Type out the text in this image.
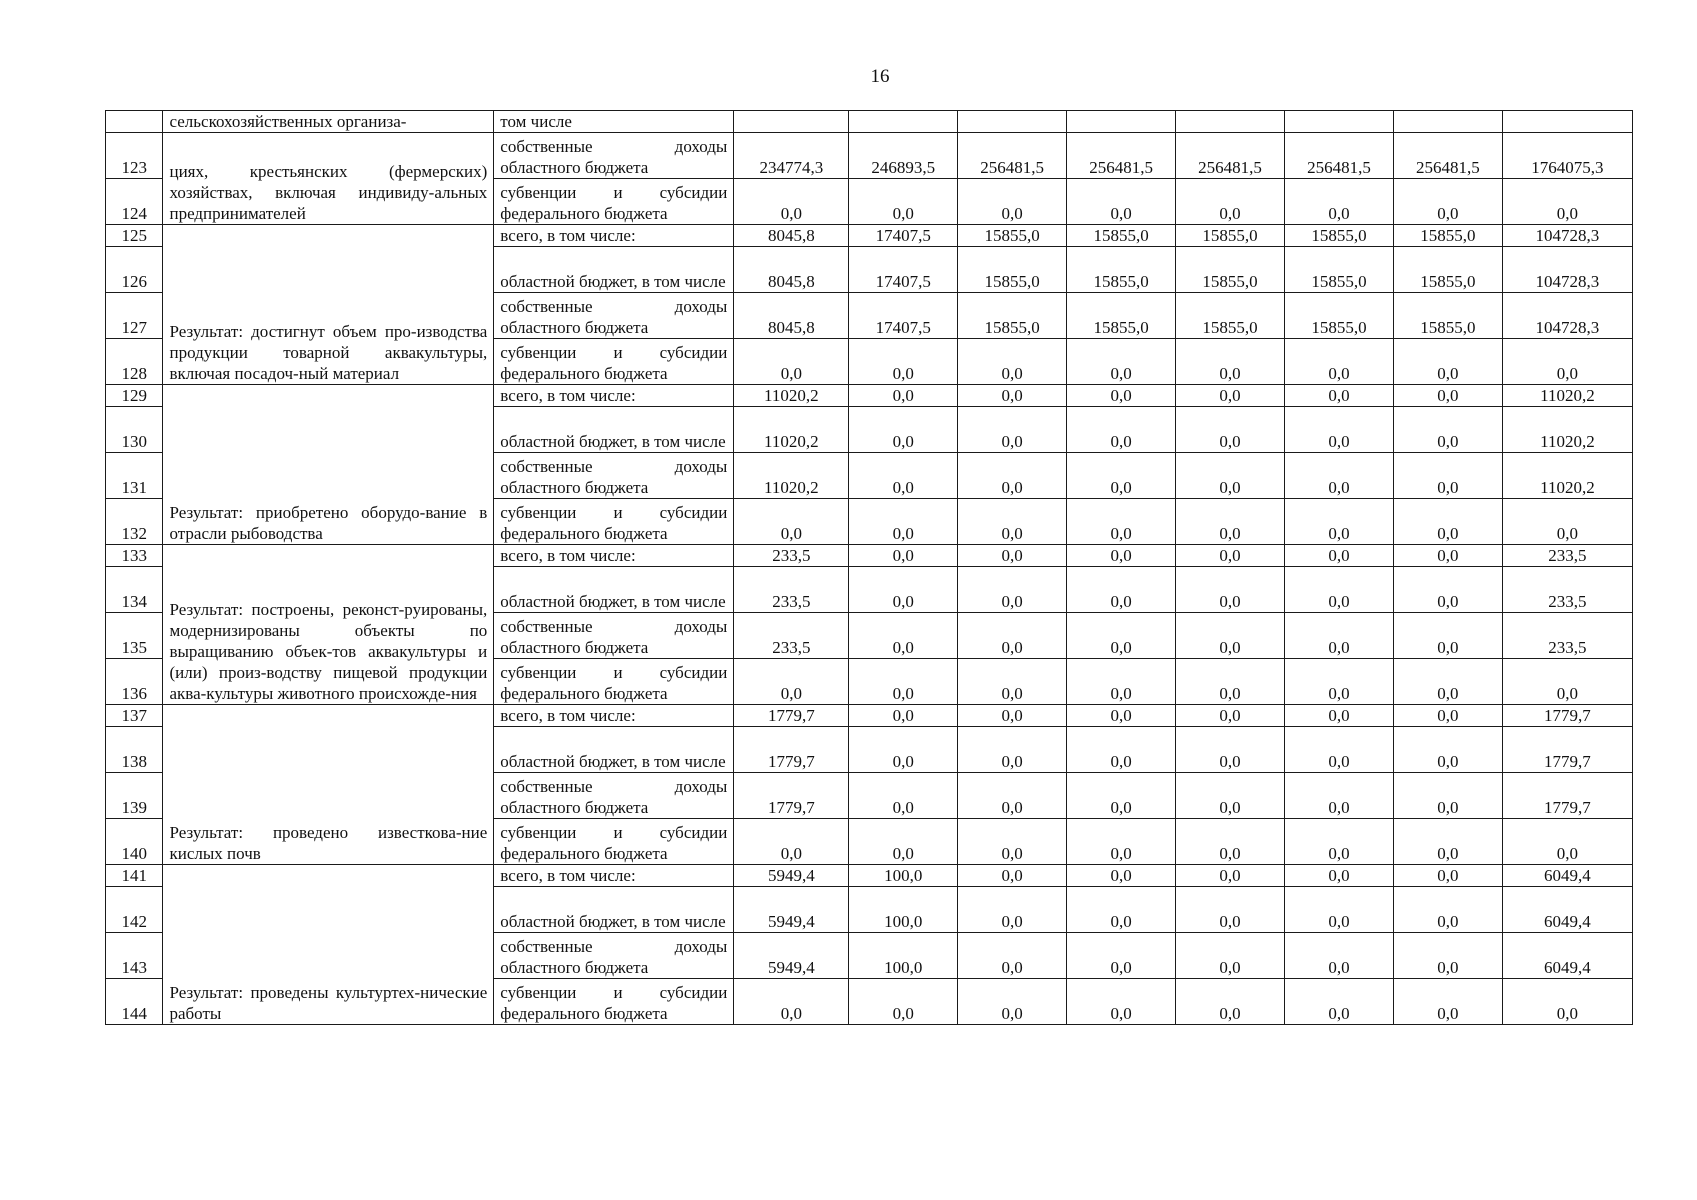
16
	сельскохозяйственных организа-	том числе								
123	циях, крестьянских (фермерских) хозяйствах, включая индивиду-альных предпринимателей	собственные доходы областного бюджета	234774,3	246893,5	256481,5	256481,5	256481,5	256481,5	256481,5	1764075,3
124		субвенции и субсидии федерального бюджета	0,0	0,0	0,0	0,0	0,0	0,0	0,0	0,0
125	Результат: достигнут объем про-изводства продукции товарной аквакультуры, включая посадоч-ный материал	всего, в том числе:	8045,8	17407,5	15855,0	15855,0	15855,0	15855,0	15855,0	104728,3
126		областной бюджет, в том числе	8045,8	17407,5	15855,0	15855,0	15855,0	15855,0	15855,0	104728,3
127		собственные доходы областного бюджета	8045,8	17407,5	15855,0	15855,0	15855,0	15855,0	15855,0	104728,3
128		субвенции и субсидии федерального бюджета	0,0	0,0	0,0	0,0	0,0	0,0	0,0	0,0
129	Результат: приобретено оборудо-вание в отрасли рыбоводства	всего, в том числе:	11020,2	0,0	0,0	0,0	0,0	0,0	0,0	11020,2
130		областной бюджет, в том числе	11020,2	0,0	0,0	0,0	0,0	0,0	0,0	11020,2
131		собственные доходы областного бюджета	11020,2	0,0	0,0	0,0	0,0	0,0	0,0	11020,2
132		субвенции и субсидии федерального бюджета	0,0	0,0	0,0	0,0	0,0	0,0	0,0	0,0
133	Результат: построены, реконст-руированы, модернизированы объекты по выращиванию объек-тов аквакультуры и (или) произ-водству пищевой продукции аква-культуры животного происхожде-ния	всего, в том числе:	233,5	0,0	0,0	0,0	0,0	0,0	0,0	233,5
134		областной бюджет, в том числе	233,5	0,0	0,0	0,0	0,0	0,0	0,0	233,5
135		собственные доходы областного бюджета	233,5	0,0	0,0	0,0	0,0	0,0	0,0	233,5
136		субвенции и субсидии федерального бюджета	0,0	0,0	0,0	0,0	0,0	0,0	0,0	0,0
137	Результат: проведено известкова-ние кислых почв	всего, в том числе:	1779,7	0,0	0,0	0,0	0,0	0,0	0,0	1779,7
138		областной бюджет, в том числе	1779,7	0,0	0,0	0,0	0,0	0,0	0,0	1779,7
139		собственные доходы областного бюджета	1779,7	0,0	0,0	0,0	0,0	0,0	0,0	1779,7
140		субвенции и субсидии федерального бюджета	0,0	0,0	0,0	0,0	0,0	0,0	0,0	0,0
141	Результат: проведены культуртех-нические работы	всего, в том числе:	5949,4	100,0	0,0	0,0	0,0	0,0	0,0	6049,4
142		областной бюджет, в том числе	5949,4	100,0	0,0	0,0	0,0	0,0	0,0	6049,4
143		собственные доходы областного бюджета	5949,4	100,0	0,0	0,0	0,0	0,0	0,0	6049,4
144		субвенции и субсидии федерального бюджета	0,0	0,0	0,0	0,0	0,0	0,0	0,0	0,0
